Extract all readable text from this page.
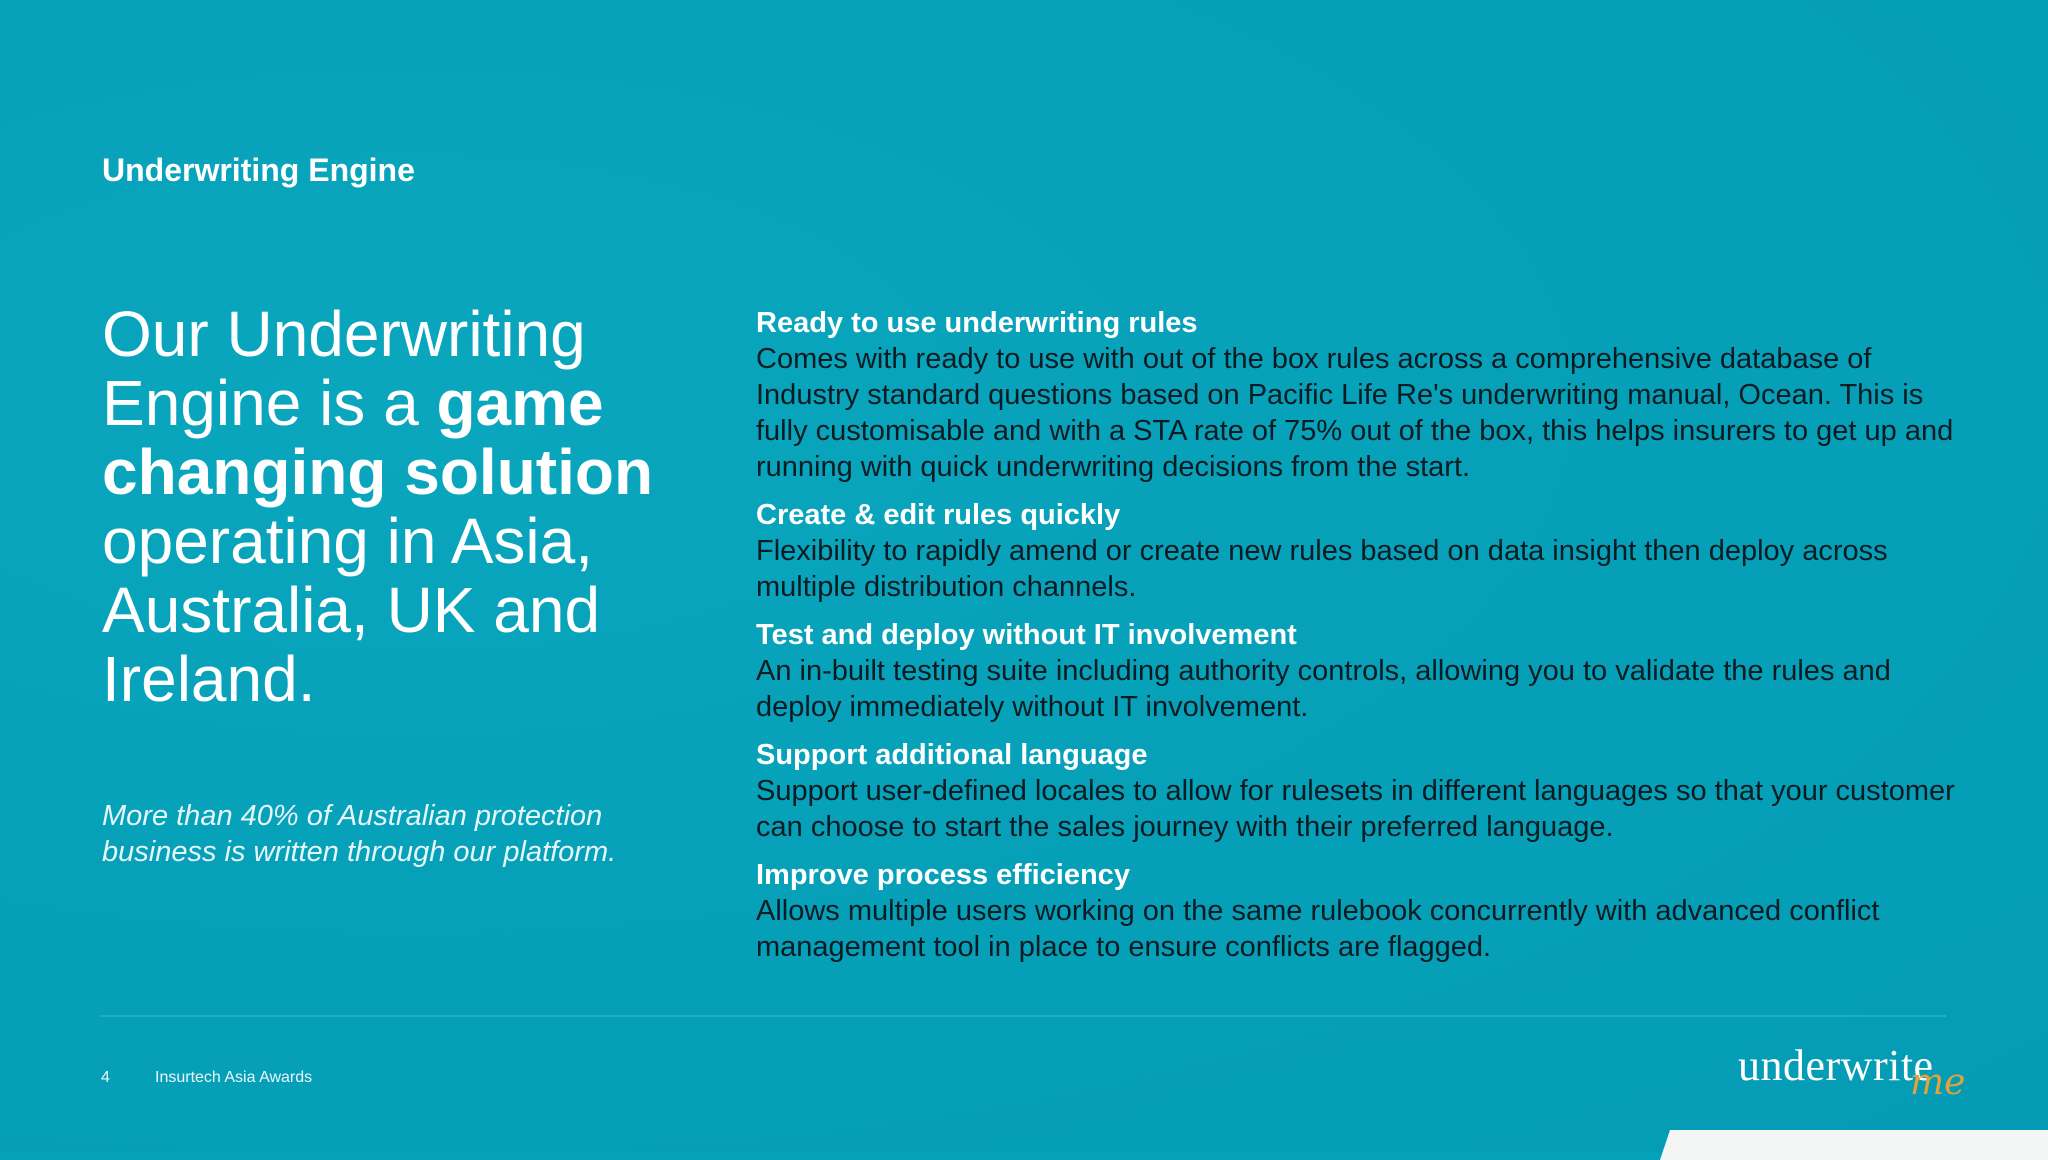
Underwriting Engine
Our Underwriting Engine is a game changing solution operating in Asia, Australia, UK and Ireland.

More than 40% of Australian protection business is written through our platform.

Ready to use underwriting rules
Comes with ready to use with out of the box rules across a comprehensive database of Industry standard questions based on Pacific Life Re's underwriting manual, Ocean. This is fully customisable and with a STA rate of 75% out of the box, this helps insurers to get up and running with quick underwriting decisions from the start.
Create & edit rules quickly
Flexibility to rapidly amend or create new rules based on data insight then deploy across multiple distribution channels.
Test and deploy without IT involvement
An in-built testing suite including authority controls, allowing you to validate the rules and deploy immediately without IT involvement.
Support additional language
Support user-defined locales to allow for rulesets in different languages so that your customer can choose to start the sales journey with their preferred language.
Improve process efficiency
Allows multiple users working on the same rulebook concurrently with advanced conflict management tool in place to ensure conflicts are flagged.
4	Insurtech Asia Awards	underwrite
me
